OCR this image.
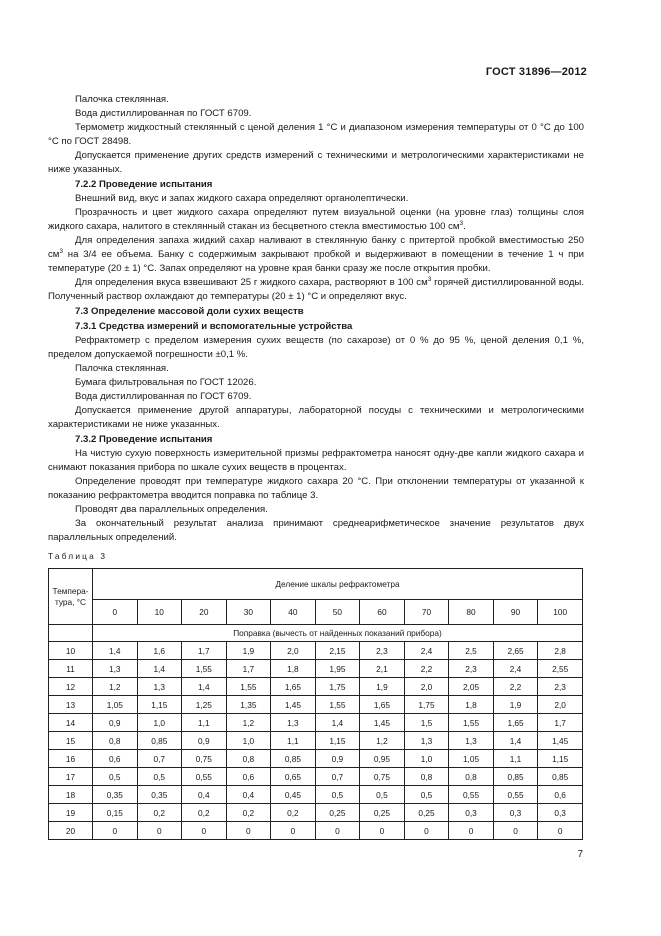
ГОСТ 31896—2012

Палочка стеклянная.

Вода дистиллированная по ГОСТ 6709.

Термометр жидкостный стеклянный с ценой деления 1 °С и диапазоном измерения температуры от 0 °С до 100 °С по ГОСТ 28498.

Допускается применение других средств измерений с техническими и метрологическими характеристиками не ниже указанных.

7.2.2 Проведение испытания

Внешний вид, вкус и запах жидкого сахара определяют органолептически.

Прозрачность и цвет жидкого сахара определяют путем визуальной оценки (на уровне глаз) толщины слоя жидкого сахара, налитого в стеклянный стакан из бесцветного стекла вместимостью 100 $см^3$.

Для определения запаха жидкий сахар наливают в стеклянную банку с притертой пробкой вместимостью 250 $см^3$ на 3/4 ее объема. Банку с содержимым закрывают пробкой и выдерживают в помещении в течение 1 ч при температуре (20 ± 1) °С. Запах определяют на уровне края банки сразу же после открытия пробки.

Для определения вкуса взвешивают 25 г жидкого сахара, растворяют в 100 $см^3$ горячей дистиллированной воды. Полученный раствор охлаждают до температуры (20 ± 1) °С и определяют вкус.

7.3 Определение массовой доли сухих веществ

7.3.1 Средства измерений и вспомогательные устройства

Рефрактометр с пределом измерения сухих веществ (по сахарозе) от 0 % до 95 %, ценой деления 0,1 %, пределом допускаемой погрешности ±0,1 %.

Палочка стеклянная.

Бумага фильтровальная по ГОСТ 12026.

Вода дистиллированная по ГОСТ 6709.

Допускается применение другой аппаратуры, лабораторной посуды с техническими и метрологическими характеристиками не ниже указанных.

7.3.2 Проведение испытания

На чистую сухую поверхность измерительной призмы рефрактометра наносят одну-две капли жидкого сахара и снимают показания прибора по шкале сухих веществ в процентах.

Определение проводят при температуре жидкого сахара 20 °С. При отклонении температуры от указанной к показанию рефрактометра вводится поправка по таблице 3.

Проводят два параллельных определения.

За окончательный результат анализа принимают среднеарифметическое значение результатов двух параллельных определений.

Таблица 3
Темпера-тура, °С	Деление шкалы рефрактометра										
	0	10	20	30	40	50	60	70	80	90	100
	Поправка (вычесть от найденных показаний прибора)										
10	1,4	1,6	1,7	1,9	2,0	2,15	2,3	2,4	2,5	2,65	2,8
11	1,3	1,4	1,55	1,7	1,8	1,95	2,1	2,2	2,3	2,4	2,55
12	1,2	1,3	1,4	1,55	1,65	1,75	1,9	2,0	2,05	2,2	2,3
13	1,05	1,15	1,25	1,35	1,45	1,55	1,65	1,75	1,8	1,9	2,0
14	0,9	1,0	1,1	1,2	1,3	1,4	1,45	1,5	1,55	1,65	1,7
15	0,8	0,85	0,9	1,0	1,1	1,15	1,2	1,3	1,3	1,4	1,45
16	0,6	0,7	0,75	0,8	0,85	0,9	0,95	1,0	1,05	1,1	1,15
17	0,5	0,5	0,55	0,6	0,65	0,7	0,75	0,8	0,8	0,85	0,85
18	0,35	0,35	0,4	0,4	0,45	0,5	0,5	0,5	0,55	0,55	0,6
19	0,15	0,2	0,2	0,2	0,2	0,25	0,25	0,25	0,3	0,3	0,3
20	0	0	0	0	0	0	0	0	0	0	0
7
